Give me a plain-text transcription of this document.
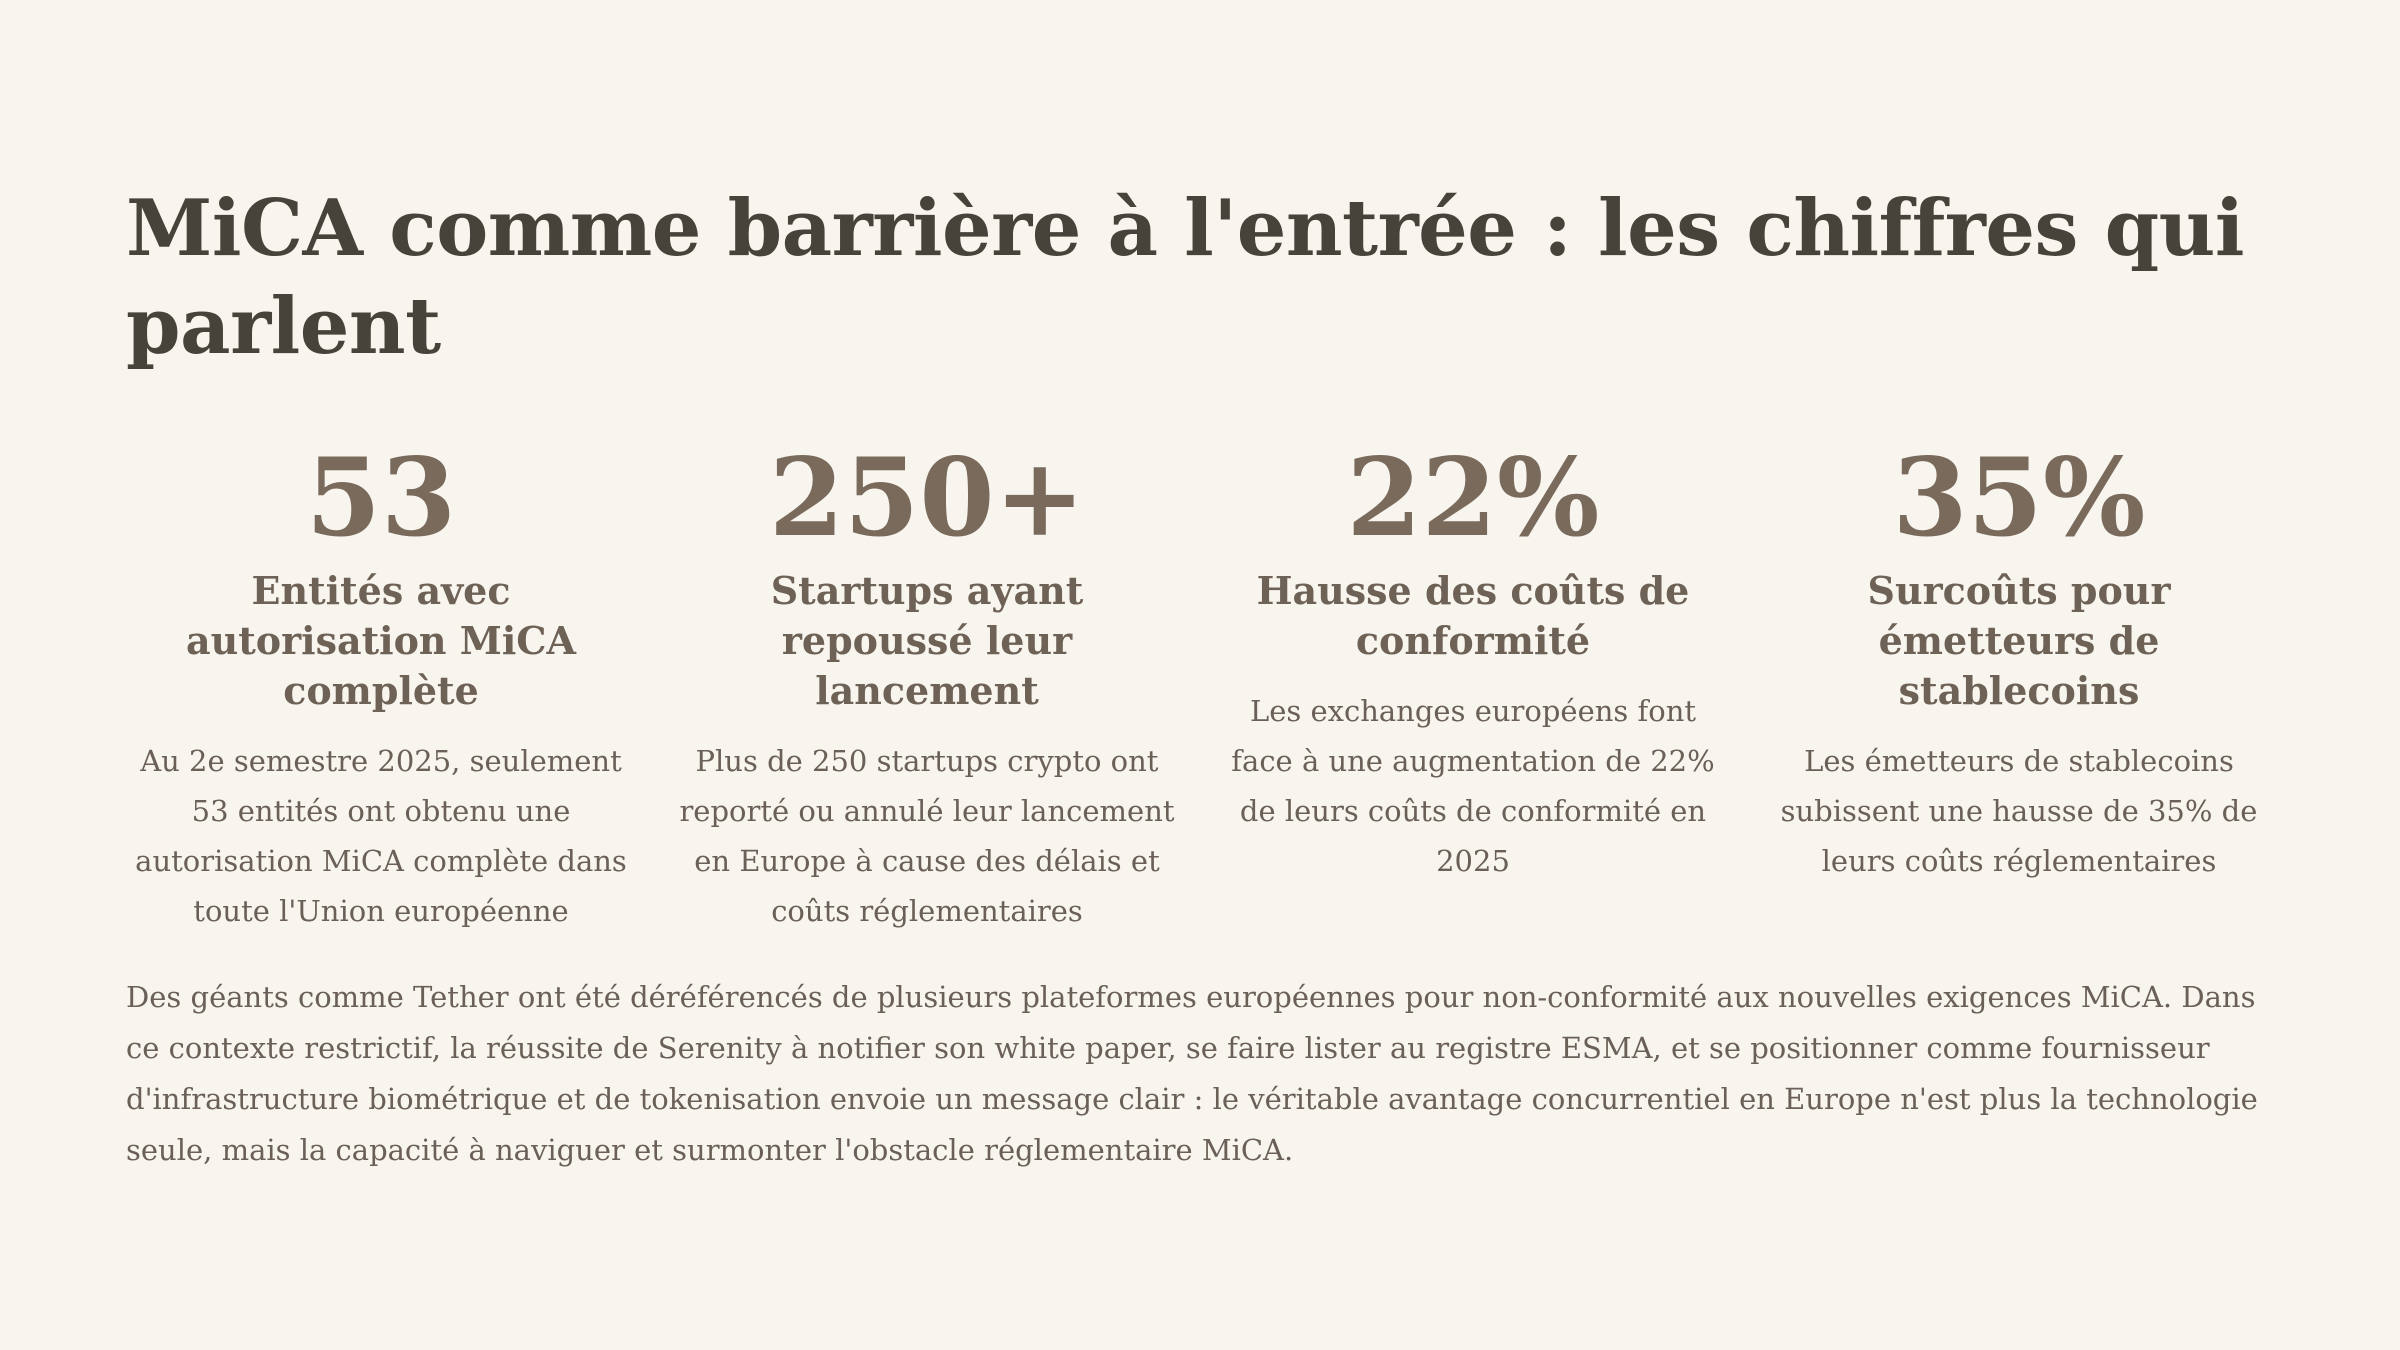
MiCA comme barrière à l'entrée : les chiffres qui parlent
53
Entités avec autorisation MiCA complète
Au 2e semestre 2025, seulement 53 entités ont obtenu une autorisation MiCA complète dans toute l'Union européenne
250+
Startups ayant repoussé leur lancement
Plus de 250 startups crypto ont reporté ou annulé leur lancement en Europe à cause des délais et coûts réglementaires
22%
Hausse des coûts de conformité
Les exchanges européens font face à une augmentation de 22% de leurs coûts de conformité en 2025
35%
Surcoûts pour émetteurs de stablecoins
Les émetteurs de stablecoins subissent une hausse de 35% de leurs coûts réglementaires

Des géants comme Tether ont été déréférencés de plusieurs plateformes européennes pour non-conformité aux nouvelles exigences MiCA. Dans ce contexte restrictif, la réussite de Serenity à notifier son white paper, se faire lister au registre ESMA, et se positionner comme fournisseur d'infrastructure biométrique et de tokenisation envoie un message clair : le véritable avantage concurrentiel en Europe n'est plus la technologie seule, mais la capacité à naviguer et surmonter l'obstacle réglementaire MiCA.
